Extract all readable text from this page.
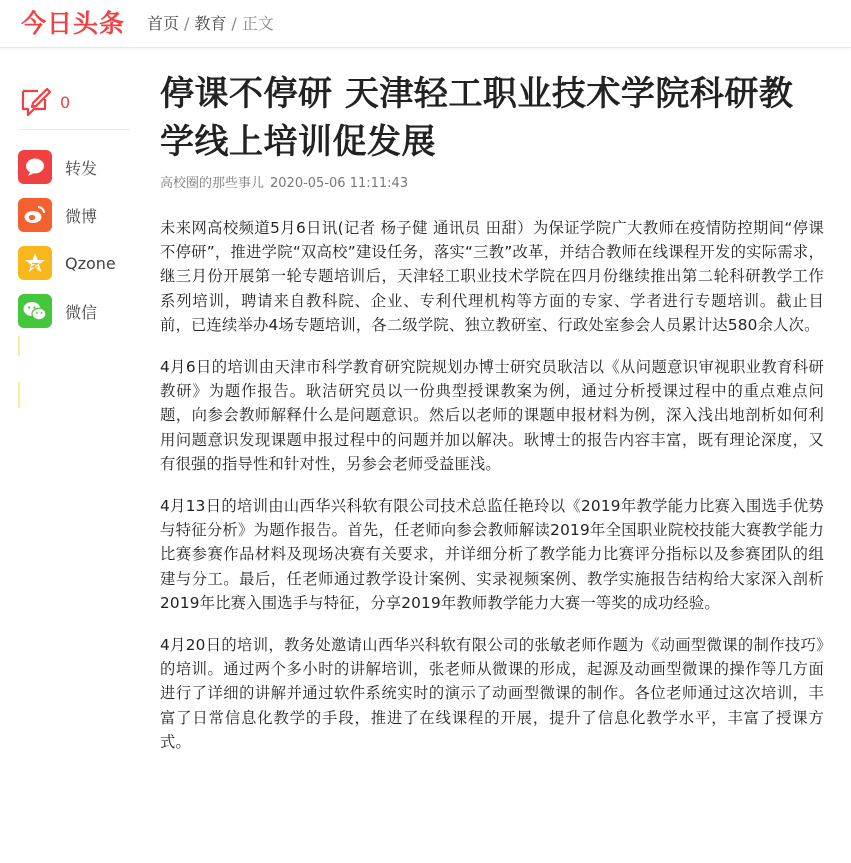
今日头条 首页 / 教育 / 正文
0
转发
微博
Qzone
微信
停课不停研 天津轻工职业技术学院科研教学线上培训促发展
高校圈的那些事儿 2020-05-06 11:11:43

未来网高校频道5月6日讯(记者 杨子健 通讯员 田甜）为保证学院广大教师在疫情防控期间“停课不停研”，推进学院“双高校”建设任务，落实“三教”改革，并结合教师在线课程开发的实际需求，继三月份开展第一轮专题培训后，天津轻工职业技术学院在四月份继续推出第二轮科研教学工作系列培训，聘请来自教科院、企业、专利代理机构等方面的专家、学者进行专题培训。截止目前，已连续举办4场专题培训，各二级学院、独立教研室、行政处室参会人员累计达580余人次。

4月6日的培训由天津市科学教育研究院规划办博士研究员耿洁以《从问题意识审视职业教育科研教研》为题作报告。耿洁研究员以一份典型授课教案为例，通过分析授课过程中的重点难点问题，向参会教师解释什么是问题意识。然后以老师的课题申报材料为例，深入浅出地剖析如何利用问题意识发现课题申报过程中的问题并加以解决。耿博士的报告内容丰富，既有理论深度，又有很强的指导性和针对性，另参会老师受益匪浅。

4月13日的培训由山西华兴科软有限公司技术总监任艳玲以《2019年教学能力比赛入围选手优势与特征分析》为题作报告。首先，任老师向参会教师解读2019年全国职业院校技能大赛教学能力比赛参赛作品材料及现场决赛有关要求，并详细分析了教学能力比赛评分指标以及参赛团队的组建与分工。最后，任老师通过教学设计案例、实录视频案例、教学实施报告结构给大家深入剖析2019年比赛入围选手与特征，分享2019年教师教学能力大赛一等奖的成功经验。

4月20日的培训，教务处邀请山西华兴科软有限公司的张敏老师作题为《动画型微课的制作技巧》的培训。通过两个多小时的讲解培训，张老师从微课的形成，起源及动画型微课的操作等几方面进行了详细的讲解并通过软件系统实时的演示了动画型微课的制作。各位老师通过这次培训，丰富了日常信息化教学的手段，推进了在线课程的开展，提升了信息化教学水平，丰富了授课方式。
